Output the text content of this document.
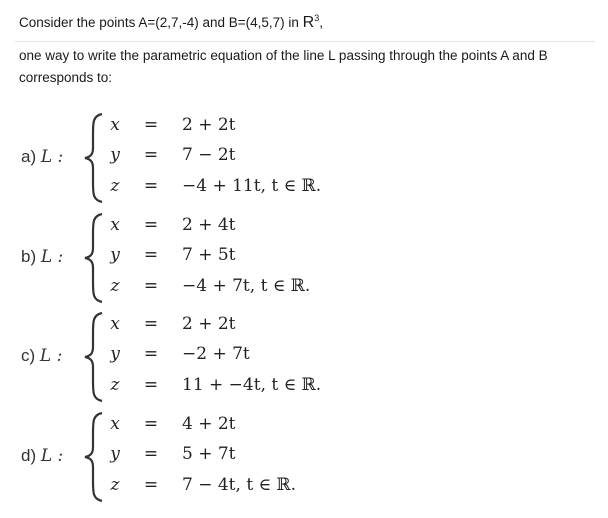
Consider the points A=(2,7,-4) and B=(4,5,7) in $R^3$,
one way to write the parametric equation of the line L passing through the points A and B
corresponds to:
a) L :
x
y
z
=
=
=
2 + 2t
7 − 2t
−4 + 11t, t ∈ ℝ.
b) L :
x
y
z
=
=
=
2 + 4t
7 + 5t
−4 + 7t, t ∈ ℝ.
c) L :
x
y
z
=
=
=
2 + 2t
−2 + 7t
11 + −4t, t ∈ ℝ.
d) L :
x
y
z
=
=
=
4 + 2t
5 + 7t
7 − 4t, t ∈ ℝ.
